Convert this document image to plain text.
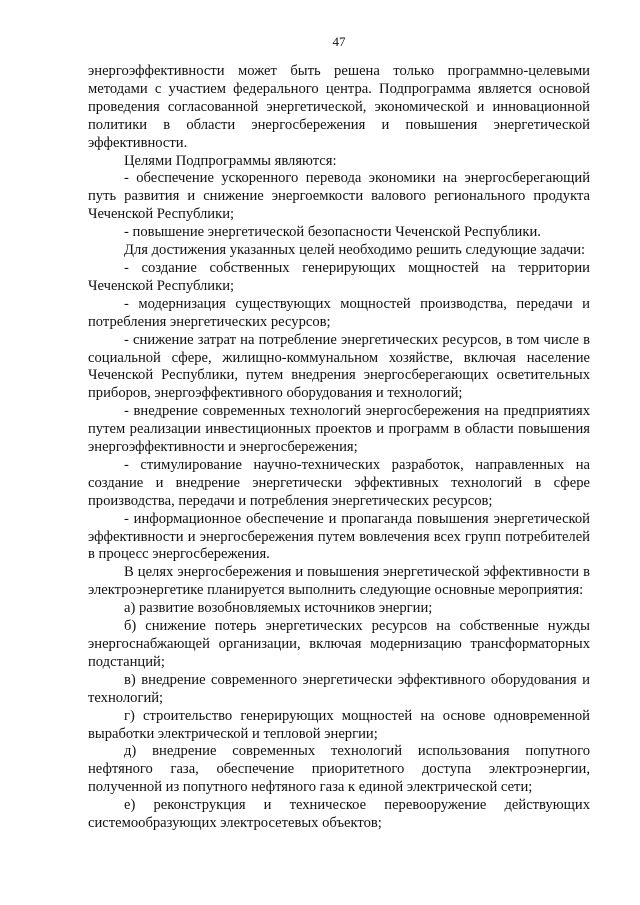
47

энергоэффективности может быть решена только программно-целевыми методами с участием федерального центра. Подпрограмма является основой проведения согласованной энергетической, экономической и инновационной политики в области энергосбережения и повышения энергетической эффективности.

Целями Подпрограммы являются:

- обеспечение ускоренного перевода экономики на энергосберегающий путь развития и снижение энергоемкости валового регионального продукта Чеченской Республики;

- повышение энергетической безопасности Чеченской Республики.

Для достижения указанных целей необходимо решить следующие задачи:

- создание собственных генерирующих мощностей на территории Чеченской Республики;

- модернизация существующих мощностей производства, передачи и потребления энергетических ресурсов;

- снижение затрат на потребление энергетических ресурсов, в том числе в социальной сфере, жилищно-коммунальном хозяйстве, включая население Чеченской Республики, путем внедрения энергосберегающих осветительных приборов, энергоэффективного оборудования и технологий;

- внедрение современных технологий энергосбережения на предприятиях путем реализации инвестиционных проектов и программ в области повышения энергоэффективности и энергосбережения;

- стимулирование научно-технических разработок, направленных на создание и внедрение энергетически эффективных технологий в сфере производства, передачи и потребления энергетических ресурсов;

- информационное обеспечение и пропаганда повышения энергетической эффективности и энергосбережения путем вовлечения всех групп потребителей в процесс энергосбережения.

В целях энергосбережения и повышения энергетической эффективности в электроэнергетике планируется выполнить следующие основные мероприятия:

а) развитие возобновляемых источников энергии;

б) снижение потерь энергетических ресурсов на собственные нужды энергоснабжающей организации, включая модернизацию трансформаторных подстанций;

в) внедрение современного энергетически эффективного оборудования и технологий;

г) строительство генерирующих мощностей на основе одновременной выработки электрической и тепловой энергии;

д) внедрение современных технологий использования попутного нефтяного газа, обеспечение приоритетного доступа электроэнергии, полученной из попутного нефтяного газа к единой электрической сети;

е) реконструкция и техническое перевооружение действующих системообразующих электросетевых объектов;
